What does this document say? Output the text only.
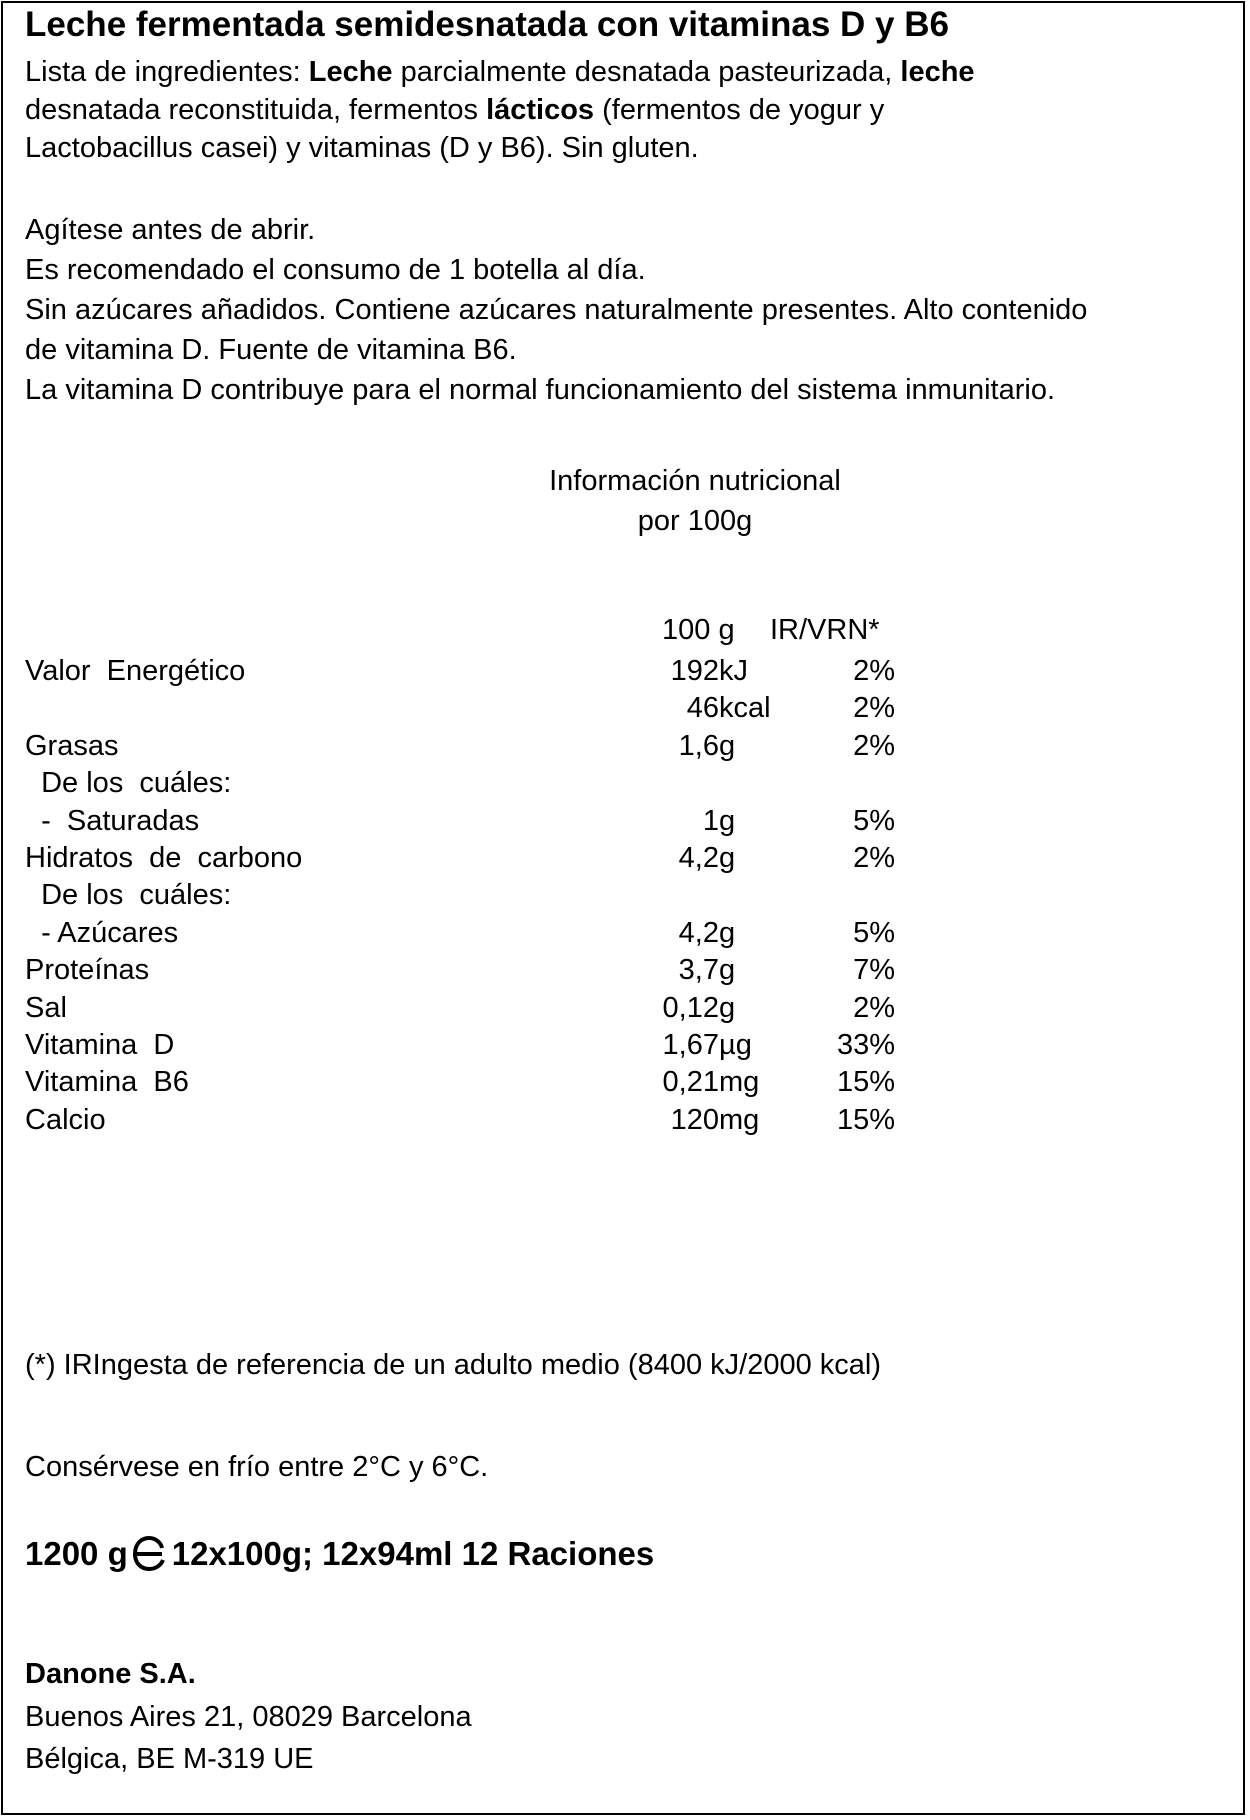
Leche fermentada semidesnatada con vitaminas D y B6
Lista de ingredientes: Leche parcialmente desnatada pasteurizada, leche
desnatada reconstituida, fermentos lácticos (fermentos de yogur y
Lactobacillus casei) y vitaminas (D y B6). Sin gluten.
Agítese antes de abrir.
Es recomendado el consumo de 1 botella al día.
Sin azúcares añadidos. Contiene azúcares naturalmente presentes. Alto contenido
de vitamina D. Fuente de vitamina B6.
La vitamina D contribuye para el normal funcionamiento del sistema inmunitario.
Información nutricional
por 100g
100 g IR/VRN*
Valor  Energético	192 kJ	2%
46 kcal	2%
Grasas	1,6 g	2%
De los  cuáles:
-  Saturadas	1 g	5%
Hidratos  de  carbono	4,2 g	2%
De los  cuáles:
- Azúcares	4,2 g	5%
Proteínas	3,7 g	7%
Sal	0,12 g	2%
Vitamina  D	1,67 µg	33%
Vitamina  B6	0,21 mg	15%
Calcio	120 mg	15%
(*) IRIngesta de referencia de un adulto medio (8400 kJ/2000 kcal)
Consérvese en frío entre 2°C y 6°C.
1200 g 12x100g; 12x94ml 12 Raciones
Danone S.A.
Buenos Aires 21, 08029 Barcelona
Bélgica, BE M-319 UE
